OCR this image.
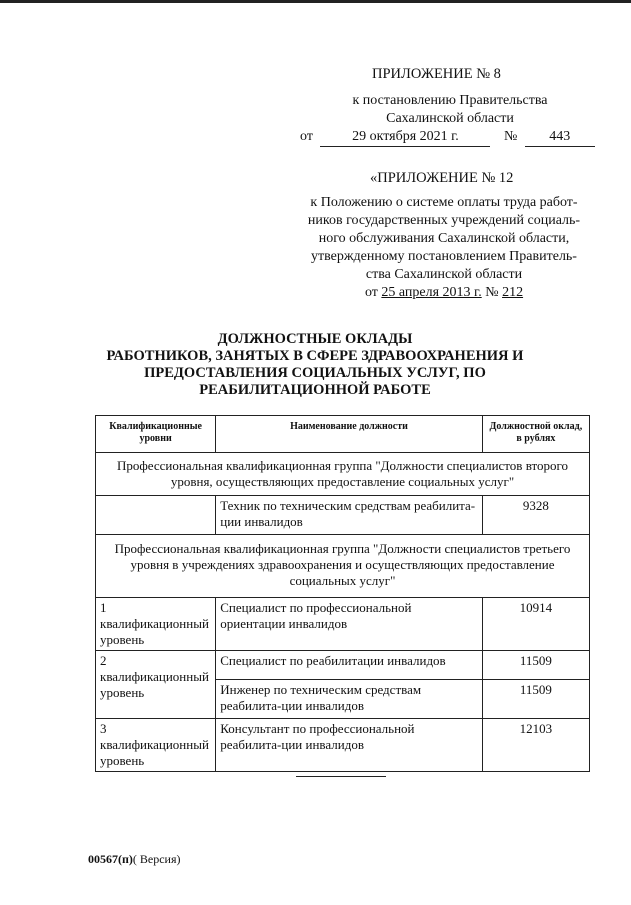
ПРИЛОЖЕНИЕ № 8
к постановлению Правительства
Сахалинской области
от	29 октября 2021 г.	№ 443
«ПРИЛОЖЕНИЕ № 12
к Положению о системе оплаты труда работ-
ников государственных учреждений социаль-
ного обслуживания Сахалинской области,
утвержденному постановлением Правитель-
ства Сахалинской области
от 25 апреля 2013 г. № 212
ДОЛЖНОСТНЫЕ ОКЛАДЫ
РАБОТНИКОВ, ЗАНЯТЫХ В СФЕРЕ ЗДРАВООХРАНЕНИЯ И
ПРЕДОСТАВЛЕНИЯ СОЦИАЛЬНЫХ УСЛУГ, ПО
РЕАБИЛИТАЦИОННОЙ РАБОТЕ
Квалификационные уровни	Наименование должности	Должностной оклад, в рублях
Профессиональная квалификационная группа "Должности специалистов второго уровня, осуществляющих предоставление социальных услуг"		
	Техник по техническим средствам реабилита-ции инвалидов	9328
Профессиональная квалификационная группа "Должности специалистов третьего уровня в учреждениях здравоохранения и осуществляющих предоставление социальных услуг"		
1 квалификационный уровень	Специалист по профессиональной ориентации инвалидов	10914
2 квалификационный уровень	Специалист по реабилитации инвалидов	11509
	Инженер по техническим средствам реабилита-ции инвалидов	11509
3 квалификационный уровень	Консультант по профессиональной реабилита-ции инвалидов	12103
00567(п)( Версия)
